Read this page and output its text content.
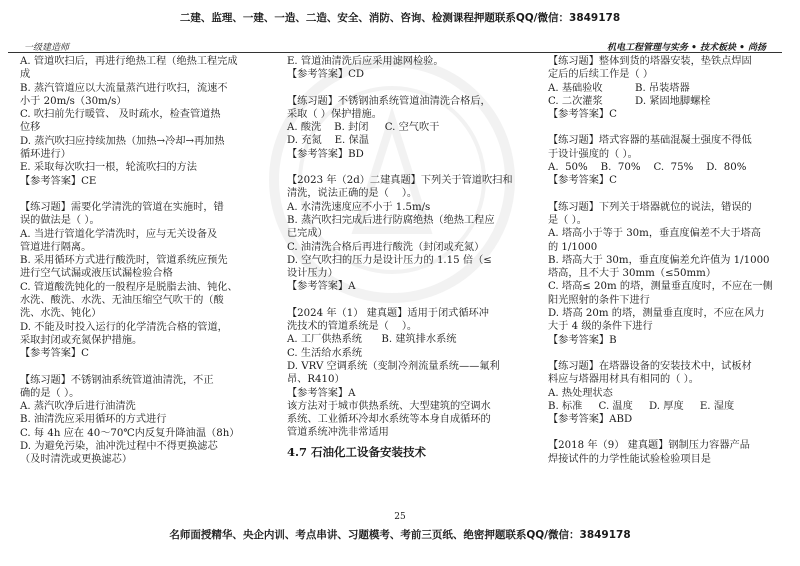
二建、监理、一建、一造、二造、安全、消防、咨询、检测课程押题联系QQ/微信：3849178
一级建造师	机电工程管理与实务 • 技术板块 • 尚扬

A. 管道吹扫后，再进行绝热工程（绝热工程完成

成

B. 蒸汽管道应以大流量蒸汽进行吹扫，流速不

小于 20m/s（30m/s）

C. 吹扫前先行暖管、 及时疏水，检查管道热

位移

D. 蒸汽吹扫应持续加热（加热→冷却→再加热

循环进行）

E. 采取每次吹扫一根，轮流吹扫的方法

【参考答案】CE

【练习题】需要化学清洗的管道在实施时，错

误的做法是（ ）。

A. 当进行管道化学清洗时，应与无关设备及

管道进行隔离。

B. 采用循环方式进行酸洗时，管道系统应预先

进行空气试漏或液压试漏检验合格

C. 管道酸洗钝化的一般程序是脱脂去油、钝化、

水洗、酸洗、水洗、无油压缩空气吹干的（酸

洗、水洗、钝化）

D. 不能及时投入运行的化学清洗合格的管道，

采取封闭或充氮保护措施。

【参考答案】C

【练习题】不锈钢油系统管道油清洗，不正

确的是（ ）。

A. 蒸汽吹净后进行油清洗

B. 油清洗应采用循环的方式进行

C. 每 4h 应在 40～70℃内反复升降油温（8h）

D. 为避免污染，油冲洗过程中不得更换滤芯

（及时清洗或更换滤芯）

E. 管道油清洗后应采用滤网检验。

【参考答案】CD

【练习题】不锈钢油系统管道油清洗合格后，

采取（ ）保护措施。

A. 酸洗    B. 封闭     C. 空气吹干

D. 充氮    E. 保温

【参考答案】BD

【2023 年（2d）二建真题】下列关于管道吹扫和

清洗，说法正确的是（    ）。

A. 水清洗速度应不小于 1.5m/s

B. 蒸汽吹扫完成后进行防腐绝热（绝热工程应

已完成）

C. 油清洗合格后再进行酸洗（封闭或充氮）

D. 空气吹扫的压力是设计压力的 1.15 倍（≤

设计压力）

【参考答案】A

【2024 年（1） 建真题】适用于闭式循环冲

洗技术的管道系统是（    ）。

A. 工厂供热系统      B. 建筑排水系统

C. 生活给水系统

D. VRV 空调系统（变制冷剂流量系统——氟利

昂、R410）

【参考答案】A

该方法对于城市供热系统、大型建筑的空调水

系统、工业循环冷却水系统等本身自成循环的

管道系统冲洗非常适用

4.7 石油化工设备安装技术

【练习题】整体到货的塔器安装，垫铁点焊固

定后的后续工作是（ ）

A. 基础验收          B. 吊装塔器

C. 二次灌浆          D. 紧固地脚螺栓

【参考答案】C

【练习题】塔式容器的基础混凝土强度不得低

于设计强度的（ ）。

A.  50%    B.  70%    C.  75%    D.  80%

【参考答案】C

【练习题】下列关于塔器就位的说法，错误的

是（ ）。

A. 塔高小于等于 30m，垂直度偏差不大于塔高

的 1/1000

B. 塔高大于 30m，垂直度偏差允许值为 1/1000

塔高，且不大于 30mm（≤50mm）

C. 塔高≤ 20m 的塔，测量垂直度时，不应在一侧

阳光照射的条件下进行

D. 塔高 20m 的塔，测量垂直度时，不应在风力

大于 4 级的条件下进行

【参考答案】B

【练习题】在塔器设备的安装技术中，试板材

料应与塔器用材具有相同的（ ）。

A. 热处理状态

B. 标准     C. 温度     D. 厚度     E. 湿度

【参考答案】ABD

【2018 年（9） 建真题】钢制压力容器产品

焊接试件的力学性能试验检验项目是

25
名师面授精华、央企内训、考点串讲、习题模考、考前三页纸、绝密押题联系QQ/微信：3849178
